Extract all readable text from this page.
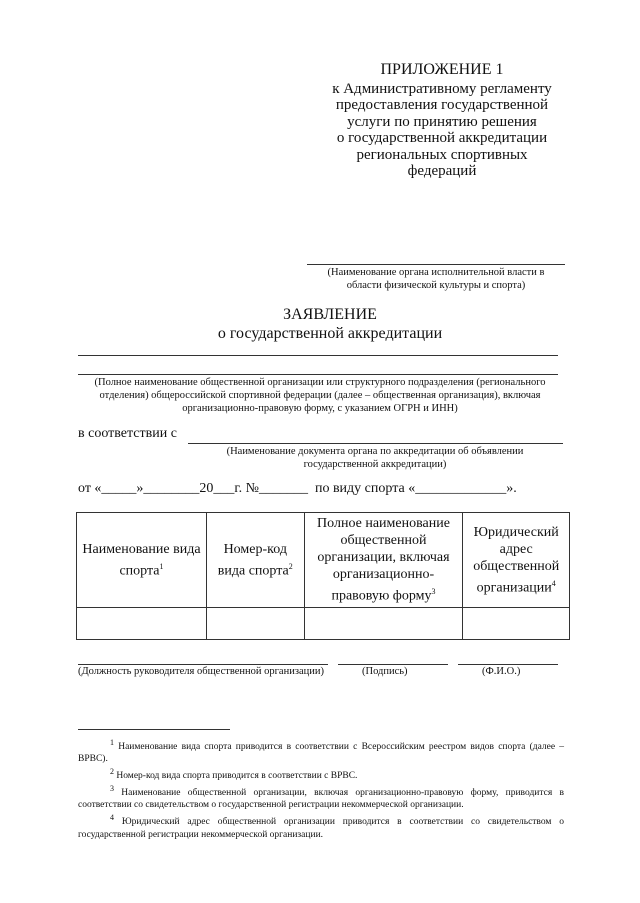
ПРИЛОЖЕНИЕ 1
к Административному регламенту
предоставления государственной
услуги по принятию решения
о государственной аккредитации
региональных спортивных
федераций
(Наименование органа исполнительной власти в
области физической культуры и спорта)
ЗАЯВЛЕНИЕ
о государственной аккредитации
(Полное наименование общественной организации или структурного подразделения (регионального
отделения) общероссийской спортивной федерации (далее – общественная организация), включая
организационно-правовую форму, с указанием ОГРН и ИНН)
в соответствии с
(Наименование документа органа по аккредитации об объявлении
государственной аккредитации)
от «_____»________20___г. №_______  по виду спорта «_____________».
Наименование вида спорта$^1$	Номер-код вида спорта$^2$	Полное наименование общественной организации, включая организационно-правовую форму$^3$	Юридический адрес общественной организации$^4$

(Должность руководителя общественной организации)	(Подпись)	(Ф.И.О.)
$^1$ Наименование вида спорта приводится в соответствии с Всероссийским реестром видов спорта (далее – ВРВС).
$^2$ Номер-код вида спорта приводится в соответствии с ВРВС.
$^3$ Наименование общественной организации, включая организационно-правовую форму, приводится в соответствии со свидетельством о государственной регистрации некоммерческой организации.
$^4$ Юридический адрес общественной организации приводится в соответствии со свидетельством о государственной регистрации некоммерческой организации.
